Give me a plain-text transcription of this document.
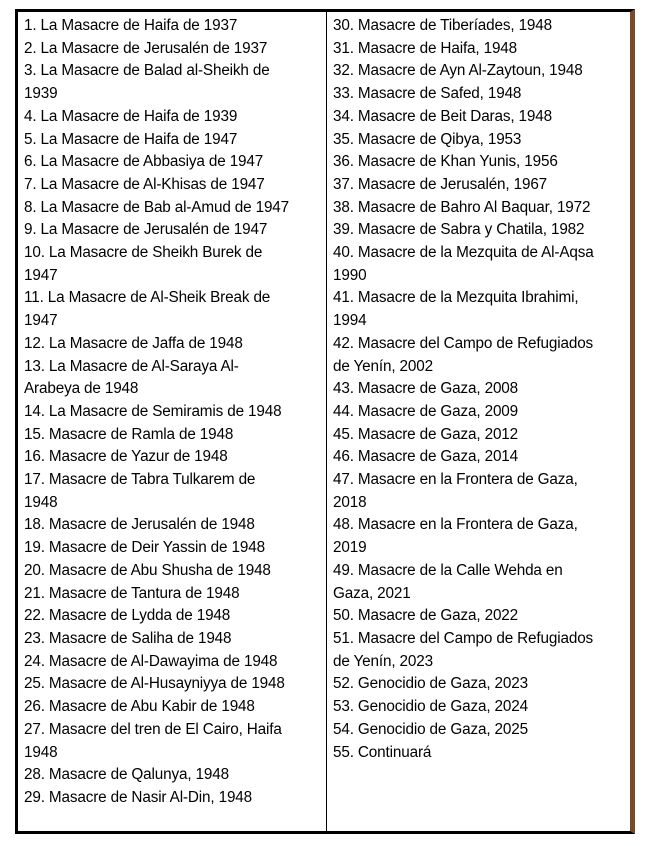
1. La Masacre de Haifa de 1937
2. La Masacre de Jerusalén de 1937
3. La Masacre de Balad al-Sheikh de
1939
4. La Masacre de Haifa de 1939
5. La Masacre de Haifa de 1947
6. La Masacre de Abbasiya de 1947
7. La Masacre de Al-Khisas de 1947
8. La Masacre de Bab al-Amud de 1947
9. La Masacre de Jerusalén de 1947
10. La Masacre de Sheikh Burek de
1947
11. La Masacre de Al-Sheik Break de
1947
12. La Masacre de Jaffa de 1948
13. La Masacre de Al-Saraya Al-
Arabeya de 1948
14. La Masacre de Semiramis de 1948
15. Masacre de Ramla de 1948
16. Masacre de Yazur de 1948
17. Masacre de Tabra Tulkarem de
1948
18. Masacre de Jerusalén de 1948
19. Masacre de Deir Yassin de 1948
20. Masacre de Abu Shusha de 1948
21. Masacre de Tantura de 1948
22. Masacre de Lydda de 1948
23. Masacre de Saliha de 1948
24. Masacre de Al-Dawayima de 1948
25. Masacre de Al-Husayniyya de 1948
26. Masacre de Abu Kabir de 1948
27. Masacre del tren de El Cairo, Haifa
1948
28. Masacre de Qalunya, 1948
29. Masacre de Nasir Al-Din, 1948
30. Masacre de Tiberíades, 1948
31. Masacre de Haifa, 1948
32. Masacre de Ayn Al-Zaytoun, 1948
33. Masacre de Safed, 1948
34. Masacre de Beit Daras, 1948
35. Masacre de Qibya, 1953
36. Masacre de Khan Yunis, 1956
37. Masacre de Jerusalén, 1967
38. Masacre de Bahro Al Baquar, 1972
39. Masacre de Sabra y Chatila, 1982
40. Masacre de la Mezquita de Al-Aqsa
1990
41. Masacre de la Mezquita Ibrahimi,
1994
42. Masacre del Campo de Refugiados
de Yenín, 2002
43. Masacre de Gaza, 2008
44. Masacre de Gaza, 2009
45. Masacre de Gaza, 2012
46. Masacre de Gaza, 2014
47. Masacre en la Frontera de Gaza,
2018
48. Masacre en la Frontera de Gaza,
2019
49. Masacre de la Calle Wehda en
Gaza, 2021
50. Masacre de Gaza, 2022
51. Masacre del Campo de Refugiados
de Yenín, 2023
52. Genocidio de Gaza, 2023
53. Genocidio de Gaza, 2024
54. Genocidio de Gaza, 2025
55. Continuará
